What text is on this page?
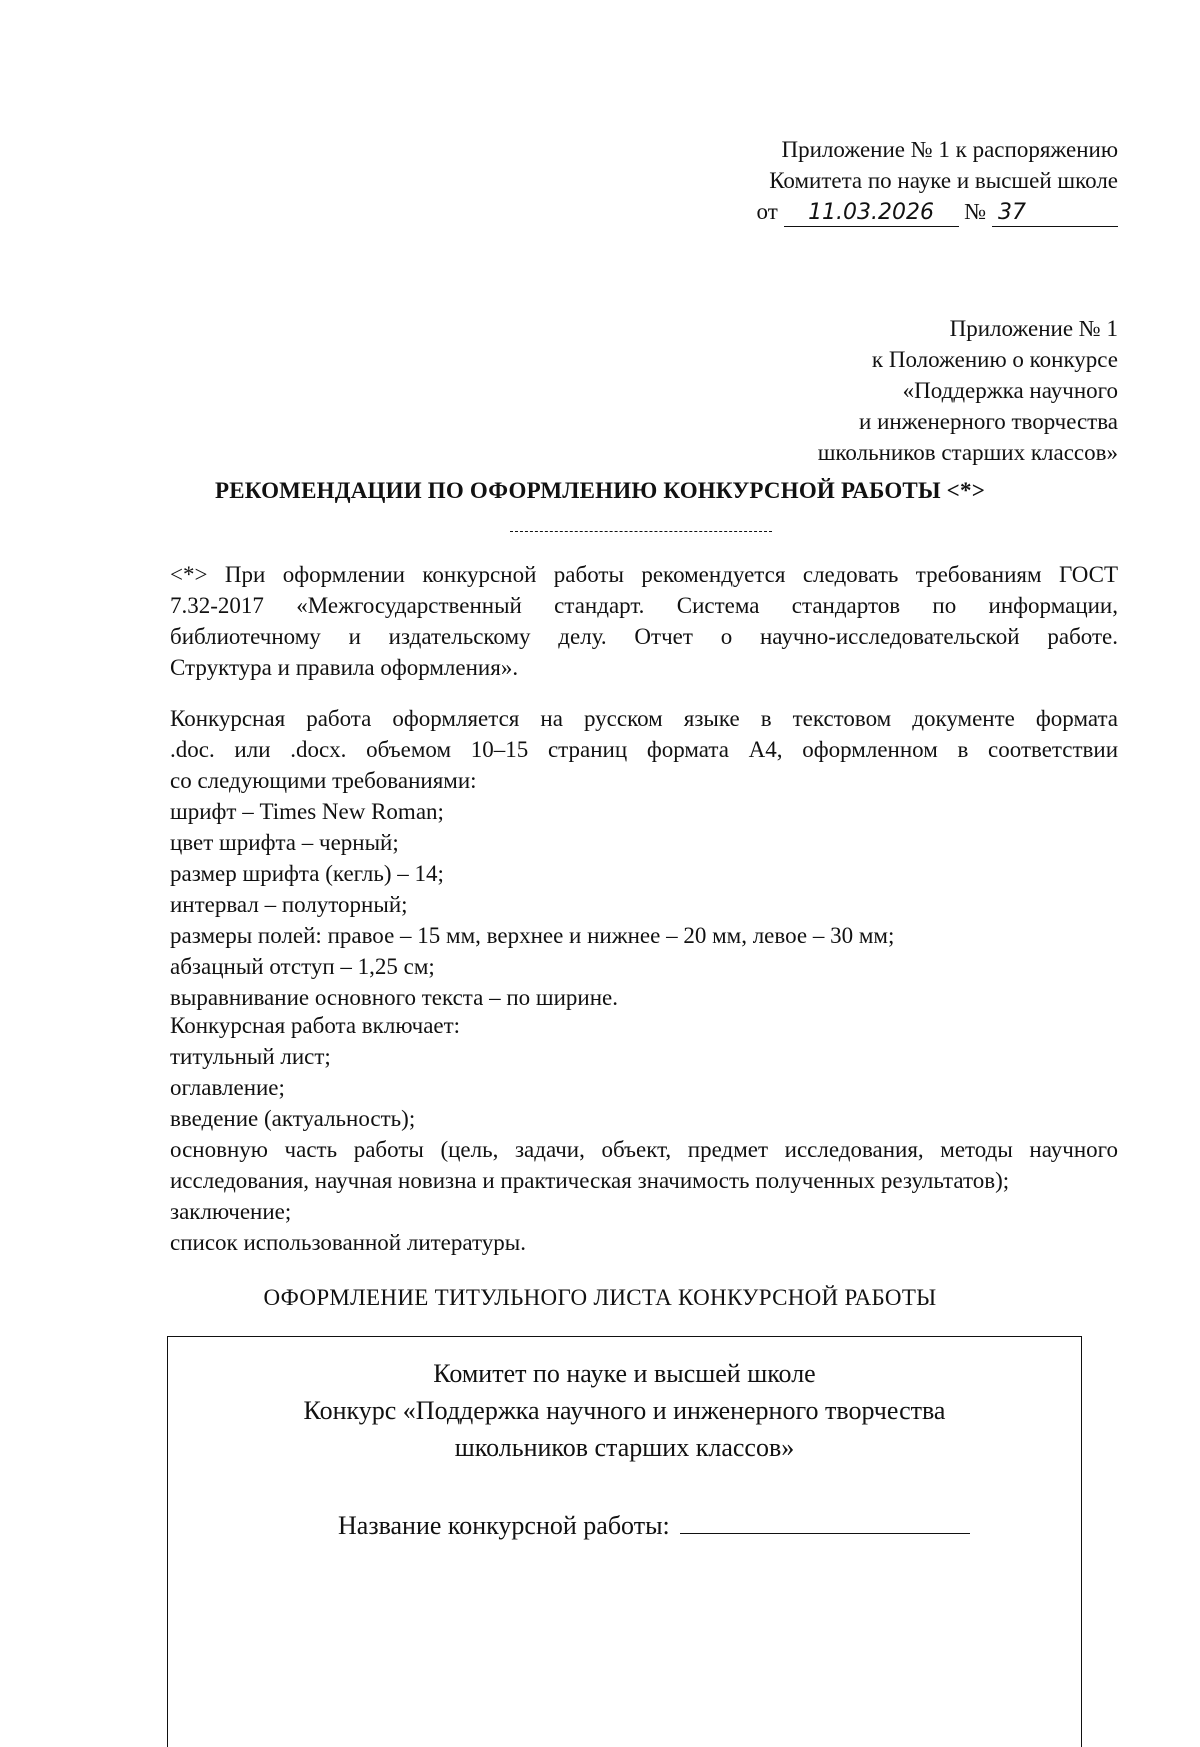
Приложение № 1 к распоряжению
Комитета по науке и высшей школе
от 11.03.2026 № 37
Приложение № 1
к Положению о конкурсе
«Поддержка научного
и инженерного творчества
школьников старших классов»
РЕКОМЕНДАЦИИ ПО ОФОРМЛЕНИЮ КОНКУРСНОЙ РАБОТЫ <*>
<*> При оформлении конкурсной работы рекомендуется следовать требованиям ГОСТ
7.32-2017 «Межгосударственный стандарт. Система стандартов по информации,
библиотечному и издательскому делу. Отчет о научно-исследовательской работе.
Структура и правила оформления».
Конкурсная работа оформляется на русском языке в текстовом документе формата
.doc. или .docx. объемом 10–15 страниц формата А4, оформленном в соответствии
со следующими требованиями:
шрифт – Times New Roman;
цвет шрифта – черный;
размер шрифта (кегль) – 14;
интервал – полуторный;
размеры полей: правое – 15 мм, верхнее и нижнее – 20 мм, левое – 30 мм;
абзацный отступ – 1,25 см;
выравнивание основного текста – по ширине.
Конкурсная работа включает:
титульный лист;
оглавление;
введение (актуальность);
основную часть работы (цель, задачи, объект, предмет исследования, методы научного
исследования, научная новизна и практическая значимость полученных результатов);
заключение;
список использованной литературы.
ОФОРМЛЕНИЕ ТИТУЛЬНОГО ЛИСТА КОНКУРСНОЙ РАБОТЫ
Комитет по науке и высшей школе
Конкурс «Поддержка научного и инженерного творчества
школьников старших классов»
Название конкурсной работы:
